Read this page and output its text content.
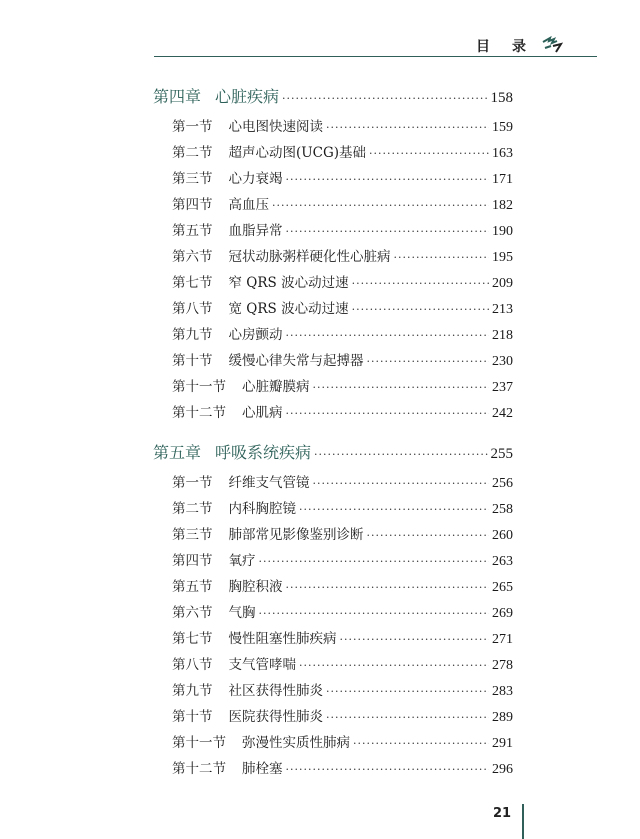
目 录
第四章 心脏疾病 ·····	158
第一节 心电图快速阅读 ·····	159
第二节 超声心动图(UCG)基础 ·····	163
第三节 心力衰竭 ·····	171
第四节 高血压 ·····	182
第五节 血脂异常 ·····	190
第六节 冠状动脉粥样硬化性心脏病 ·····	195
第七节 窄 QRS 波心动过速 ·····	209
第八节 宽 QRS 波心动过速 ·····	213
第九节 心房颤动 ·····	218
第十节 缓慢心律失常与起搏器 ·····	230
第十一节 心脏瓣膜病 ·····	237
第十二节 心肌病 ·····	242
第五章 呼吸系统疾病 ·····	255
第一节 纤维支气管镜 ·····	256
第二节 内科胸腔镜 ·····	258
第三节 肺部常见影像鉴别诊断 ·····	260
第四节 氧疗 ·····	263
第五节 胸腔积液 ·····	265
第六节 气胸 ·····	269
第七节 慢性阻塞性肺疾病 ·····	271
第八节 支气管哮喘 ·····	278
第九节 社区获得性肺炎 ·····	283
第十节 医院获得性肺炎 ·····	289
第十一节 弥漫性实质性肺病 ·····	291
第十二节 肺栓塞 ·····	296
21
